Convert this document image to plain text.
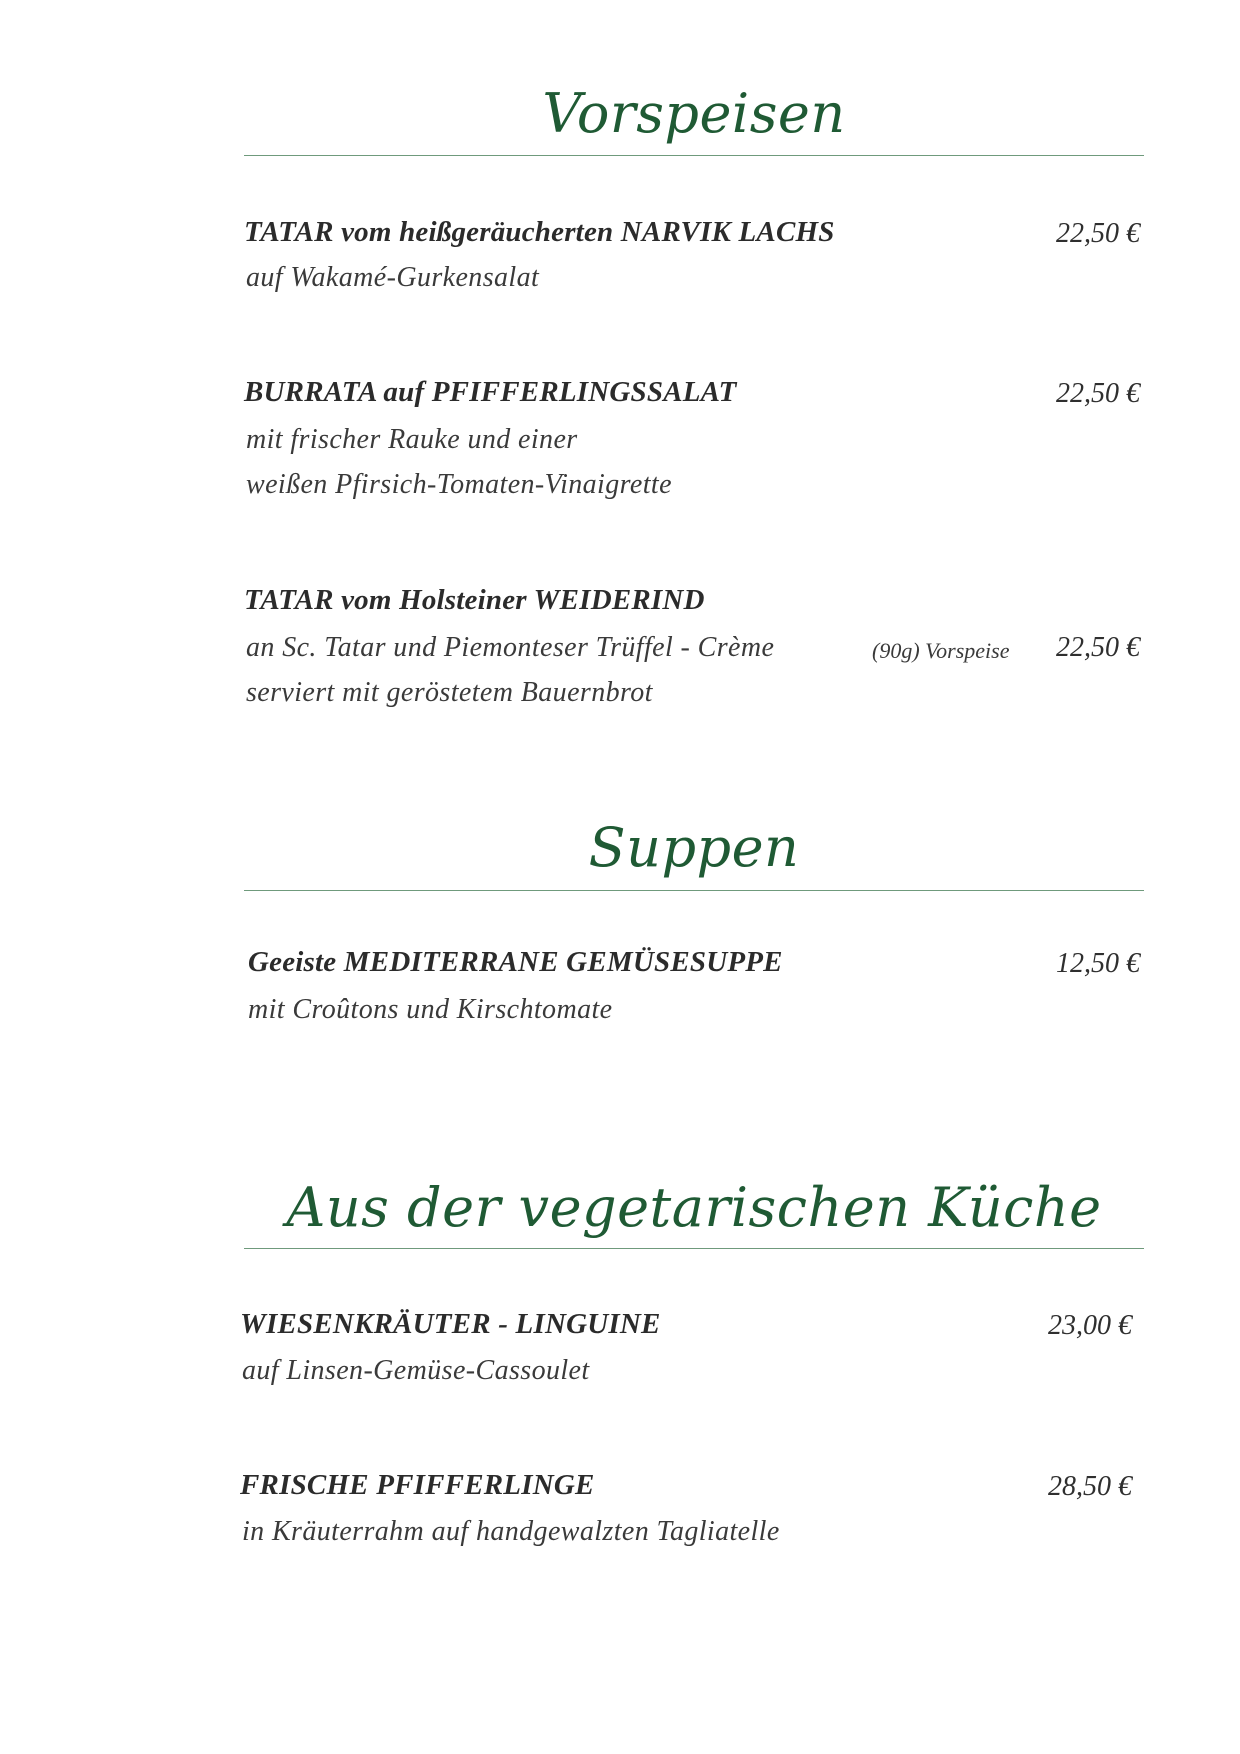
Vorspeisen
TATAR vom heißgeräucherten NARVIK LACHS	22,50 €
auf Wakamé-Gurkensalat
BURRATA auf PFIFFERLINGSSALAT	22,50 €
mit frischer Rauke und einer
weißen Pfirsich-Tomaten-Vinaigrette
TATAR vom Holsteiner WEIDERIND
an Sc. Tatar und Piemonteser Trüffel - Crème	(90g) Vorspeise 22,50 €
serviert mit geröstetem Bauernbrot
Suppen
Geeiste MEDITERRANE GEMÜSESUPPE	12,50 €
mit Croûtons und Kirschtomate
Aus der vegetarischen Küche
WIESENKRÄUTER - LINGUINE	23,00 €
auf Linsen-Gemüse-Cassoulet
FRISCHE PFIFFERLINGE	28,50 €
in Kräuterrahm auf handgewalzten Tagliatelle
